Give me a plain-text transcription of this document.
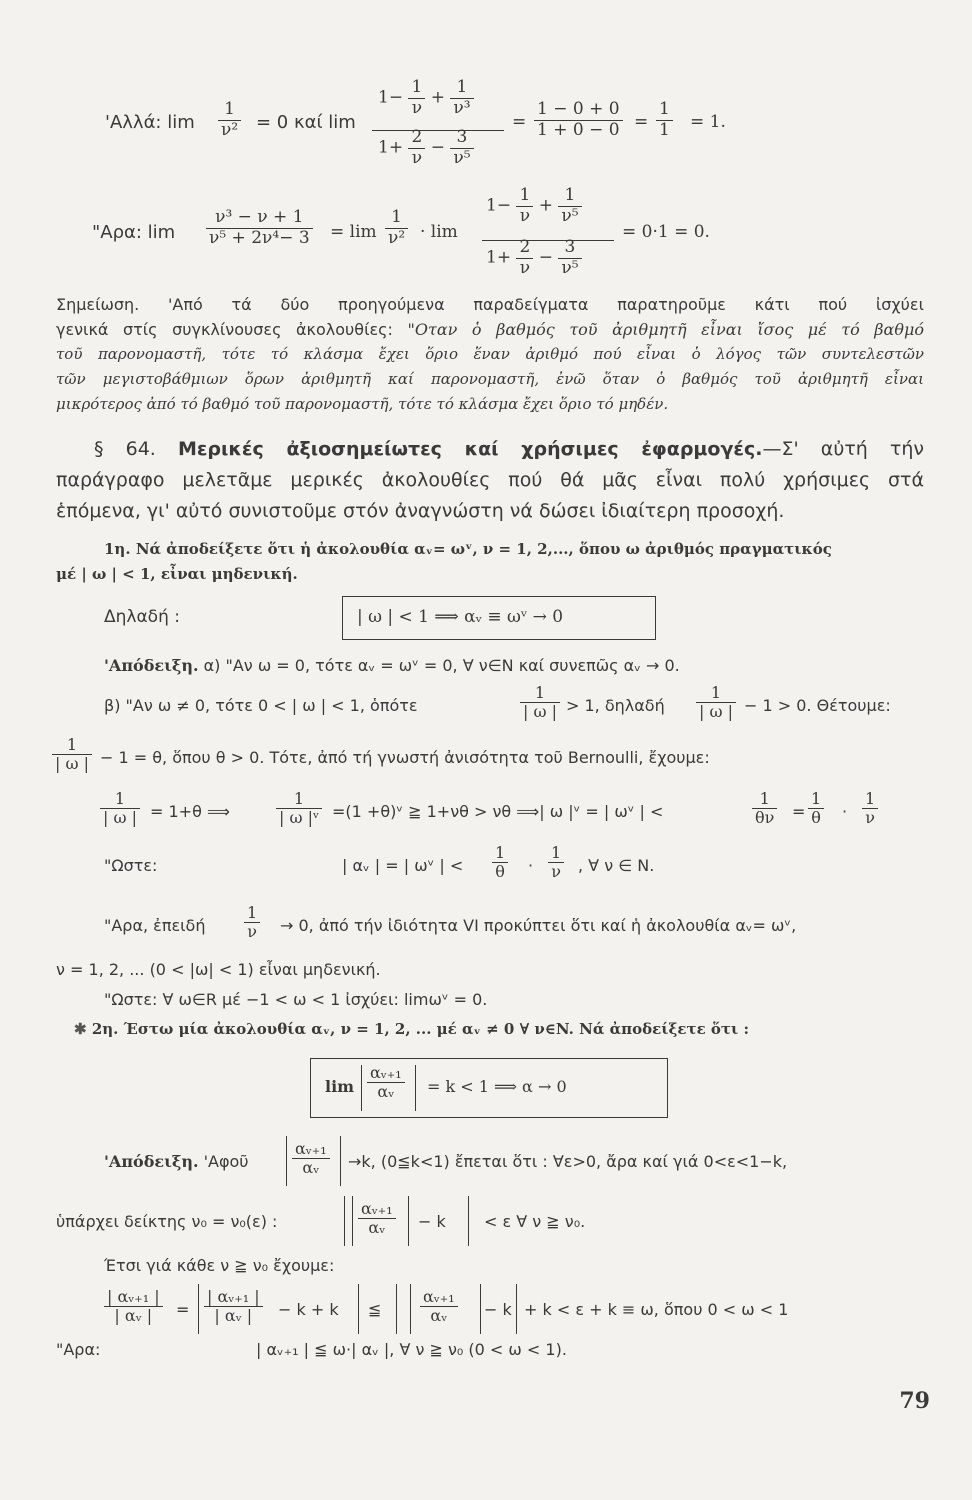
'Αλλά: $\lim \frac{1}{\text{ν²}} = 0$ καί lim
$1- \frac{1}{\nu} + \frac{1}{\text{ν³}}$
$1+ \frac{2}{\nu} - \frac{3}{\text{ν⁵}}$
= $\frac{1 - 0 + 0}{1 + 0 - 0} = \frac{1}{1} = 1$.
"Αρα: $\lim \frac{\text{ν³ − ν + 1}}{\text{ν⁵ + 2ν⁴− 3}} = \lim \frac{1}{\text{ν²}} \cdot \lim$
$1- \frac{1}{\nu} + \frac{1}{\text{ν⁵}}$
$1+ \frac{2}{\nu} - \frac{3}{\text{ν⁵}}$
= 0·1 = 0.
Σημείωση. 'Από τά δύο προηγούμενα παραδείγματα παρατηροῦμε κάτι πού ἰσχύει
γενικά στίς συγκλίνουσες ἀκολουθίες: "Οταν ὁ βαθμός τοῦ ἀριθμητῆ εἶναι ἴσος μέ τό βαθμό
τοῦ παρονομαστῆ, τότε τό κλάσμα ἔχει ὅριο ἕναν ἀριθμό πού εἶναι ὁ λόγος τῶν συντελεστῶν
τῶν μεγιστοβάθμιων ὅρων ἀριθμητῆ καί παρονομαστῆ, ἐνῶ ὅταν ὁ βαθμός τοῦ ἀριθμητῆ εἶναι
μικρότερος ἀπό τό βαθμό τοῦ παρονομαστῆ, τότε τό κλάσμα ἔχει ὅριο τό μηδέν.
§ 64. Μερικές ἀξιοσημείωτες καί χρήσιμες ἐφαρμογές.—Σ' αὐτή τήν
παράγραφο μελετᾶμε μερικές ἀκολουθίες πού θά μᾶς εἶναι πολύ χρήσιμες στά
ἑπόμενα, γι' αὐτό συνιστοῦμε στόν ἀναγνώστη νά δώσει ἰδιαίτερη προσοχή.
1η. Νά ἀποδείξετε ὅτι ἡ ἀκολουθία αᵥ= ωᵛ, ν = 1, 2,..., ὅπου ω ἀριθμός πραγματικός
μέ | ω | < 1, εἶναι μηδενική.
Δηλαδή :	| ω | < 1 ⟹ αᵥ ≡ ωᵛ → 0
'Απόδειξη. α) "Αν ω = 0, τότε αᵥ = ωᵛ = 0, ∀ ν∈N καί συνεπῶς αᵥ → 0.
β) "Αν ω ≠ 0, τότε 0 < | ω | < 1, ὁπότε	$\frac{1}{| \omega |} > 1$, δηλαδή $\frac{1}{| \omega |} - 1 > 0$. Θέτουμε:
$\frac{1}{| \omega |} - 1 = \theta$, ὅπου θ > 0. Τότε, ἀπό τή γνωστή ἀνισότητα τοῦ Bernoulli, ἔχουμε:
$\frac{1}{| \omega |} = 1+\theta$ ⟹	$\frac{1}{\text{| ω |ᵛ}} =(1$ +θ)ᵛ ≧ 1+νθ > νθ ⟹| ω |ᵛ = | ωᵛ | <	$\frac{1}{\theta\nu} = \frac{1}{\theta} \cdot \frac{1}{\nu}$
"Ωστε:	| αᵥ | = | ωᵛ | < $\frac{1}{\theta} \cdot \frac{1}{\nu}$ , ∀ ν ∈ N.
"Αρα, ἐπειδή $\frac{1}{\nu} \to 0$, ἀπό τήν ἰδιότητα VI προκύπτει ὅτι καί ἡ ἀκολουθία αᵥ= ωᵛ,
ν = 1, 2, ... (0 < |ω| < 1) εἶναι μηδενική.
"Ωστε: ∀ ω∈R μέ −1 < ω < 1 ἰσχύει: limωᵛ = 0.
✱ 2η. Έστω μία ἀκολουθία αᵥ, ν = 1, 2, ... μέ αᵥ ≠ 0 ∀ ν∈N. Νά ἀποδείξετε ὅτι :
$\lim \frac{\text{αᵥ₊₁}}{\text{αᵥ}} = k < 1$ ⟹ α → 0
'Απόδειξη. 'Αφοῦ	$\frac{\text{αᵥ₊₁}}{\text{αᵥ}} \to k$, (0≦k<1) ἔπεται ὅτι : ∀ε>0, ἄρα καί γιά 0<ε<1−k,
ὑπάρχει δείκτης ν₀ = ν₀(ε) :	$\frac{\text{αᵥ₊₁}}{\text{αᵥ}} - k < \varepsilon$ ∀ ν ≧ ν₀.
Έτσι γιά κάθε ν ≧ ν₀ ἔχουμε:
$\frac{\text{| αᵥ₊₁ |}}{\text{| αᵥ |}} = \frac{\text{| αᵥ₊₁ |}}{\text{| αᵥ |}} - k + k$ ≦ $\frac{\text{αᵥ₊₁}}{\text{αᵥ}} - k + k < \varepsilon + k \equiv \omega$, ὅπου 0 < ω < 1
"Αρα:	| αᵥ₊₁ | ≦ ω·| αᵥ |, ∀ ν ≧ ν₀ (0 < ω < 1).
79
